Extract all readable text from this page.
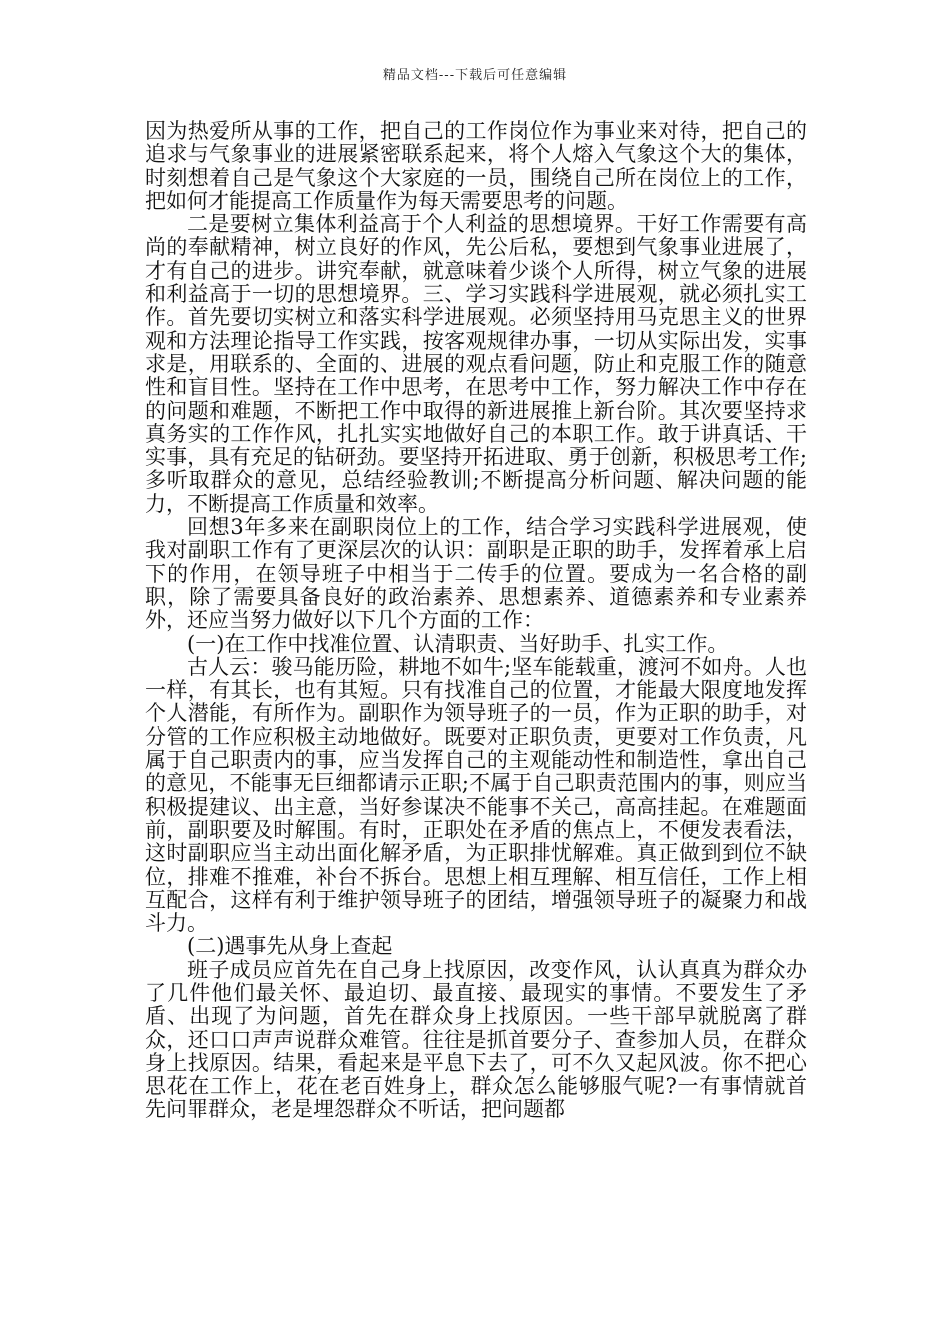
精品文档---下载后可任意编辑

因为热爱所从事的工作，把自己的工作岗位作为事业来对待，把自己的追求与气象事业的进展紧密联系起来，将个人熔入气象这个大的集体，时刻想着自己是气象这个大家庭的一员，围绕自己所在岗位上的工作，把如何才能提高工作质量作为每天需要思考的问题。

二是要树立集体利益高于个人利益的思想境界。干好工作需要有高尚的奉献精神，树立良好的作风，先公后私，要想到气象事业进展了，才有自己的进步。讲究奉献，就意味着少谈个人所得，树立气象的进展和利益高于一切的思想境界。三、学习实践科学进展观，就必须扎实工作。首先要切实树立和落实科学进展观。必须坚持用马克思主义的世界观和方法理论指导工作实践，按客观规律办事，一切从实际出发，实事求是，用联系的、全面的、进展的观点看问题，防止和克服工作的随意性和盲目性。坚持在工作中思考，在思考中工作，努力解决工作中存在的问题和难题，不断把工作中取得的新进展推上新台阶。其次要坚持求真务实的工作作风，扎扎实实地做好自己的本职工作。敢于讲真话、干实事，具有充足的钻研劲。要坚持开拓进取、勇于创新，积极思考工作;多听取群众的意见，总结经验教训;不断提高分析问题、解决问题的能力，不断提高工作质量和效率。

回想3年多来在副职岗位上的工作，结合学习实践科学进展观，使我对副职工作有了更深层次的认识：副职是正职的助手，发挥着承上启下的作用，在领导班子中相当于二传手的位置。要成为一名合格的副职，除了需要具备良好的政治素养、思想素养、道德素养和专业素养外，还应当努力做好以下几个方面的工作：

(一)在工作中找准位置、认清职责、当好助手、扎实工作。

古人云：骏马能历险，耕地不如牛;坚车能载重，渡河不如舟。人也一样，有其长，也有其短。只有找准自己的位置，才能最大限度地发挥个人潜能，有所作为。副职作为领导班子的一员，作为正职的助手，对分管的工作应积极主动地做好。既要对正职负责，更要对工作负责，凡属于自己职责内的事，应当发挥自己的主观能动性和制造性，拿出自己的意见，不能事无巨细都请示正职;不属于自己职责范围内的事，则应当积极提建议、出主意，当好参谋决不能事不关己，高高挂起。在难题面前，副职要及时解围。有时，正职处在矛盾的焦点上，不便发表看法，这时副职应当主动出面化解矛盾，为正职排忧解难。真正做到到位不缺位，排难不推难，补台不拆台。思想上相互理解、相互信任，工作上相互配合，这样有利于维护领导班子的团结，增强领导班子的凝聚力和战斗力。

(二)遇事先从身上查起

班子成员应首先在自己身上找原因，改变作风，认认真真为群众办了几件他们最关怀、最迫切、最直接、最现实的事情。不要发生了矛盾、出现了为问题，首先在群众身上找原因。一些干部早就脱离了群众，还口口声声说群众难管。往往是抓首要分子、查参加人员，在群众身上找原因。结果，看起来是平息下去了，可不久又起风波。你不把心思花在工作上，花在老百姓身上，群众怎么能够服气呢?一有事情就首先问罪群众，老是埋怨群众不听话，把问题都
